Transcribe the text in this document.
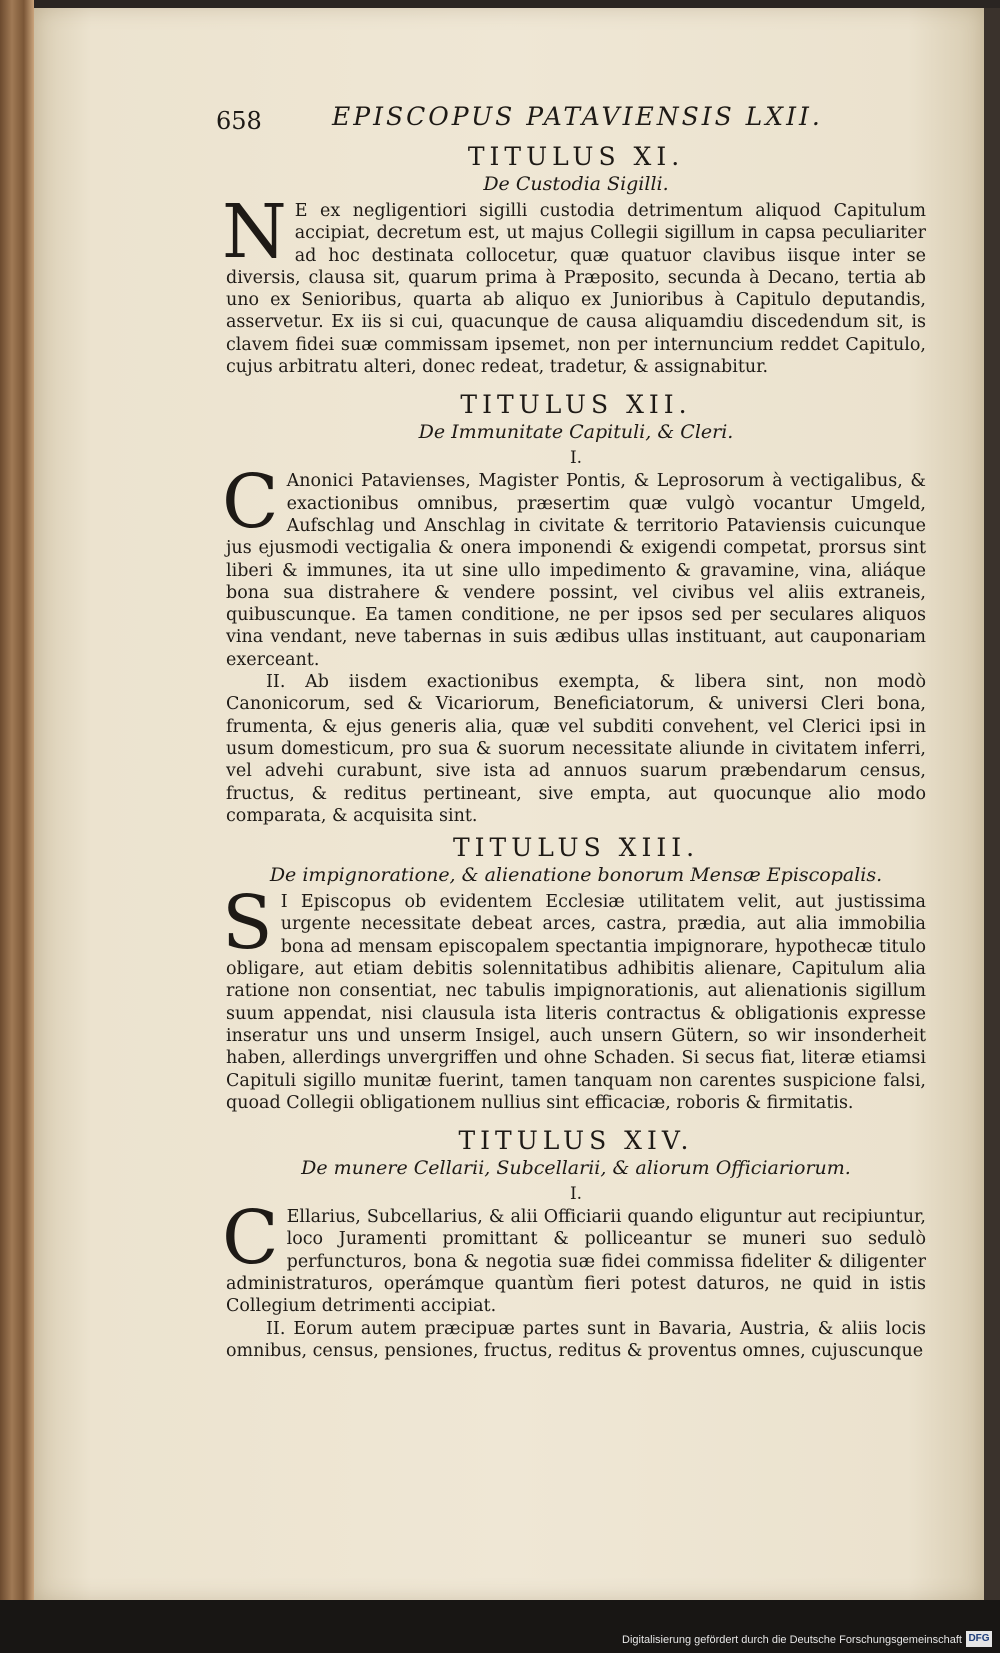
658	EPISCOPUS PATAVIENSIS LXII.
TITULUS XI.
De Custodia Sigilli.

N E ex negligentiori sigilli custodia detrimentum aliquod Capitulum accipiat, decretum est, ut majus Collegii sigillum in capsa peculiariter ad hoc destinata collocetur, quæ quatuor clavibus iisque inter se diversis, clausa sit, quarum prima à Præposito, secunda à Decano, tertia ab uno ex Senioribus, quarta ab aliquo ex Junioribus à Capitulo deputandis, asservetur. Ex iis si cui, quacunque de causa aliquamdiu discedendum sit, is clavem fidei suæ commissam ipsemet, non per internuncium reddet Capitulo, cujus arbitratu alteri, donec redeat, tradetur, & assignabitur.

TITULUS XII.
De Immunitate Capituli, & Cleri.
I.

C Anonici Patavienses, Magister Pontis, & Leprosorum à vectigalibus, & exactionibus omnibus, præsertim quæ vulgò vocantur Umgeld, Aufschlag und Anschlag in civitate & territorio Pataviensis cuicunque jus ejusmodi vectigalia & onera imponendi & exigendi competat, prorsus sint liberi & immunes, ita ut sine ullo impedimento & gravamine, vina, aliáque bona sua distrahere & vendere possint, vel civibus vel aliis extraneis, quibuscunque. Ea tamen conditione, ne per ipsos sed per seculares aliquos vina vendant, neve tabernas in suis ædibus ullas instituant, aut cauponariam exerceant.

II. Ab iisdem exactionibus exempta, & libera sint, non modò Canonicorum, sed & Vicariorum, Beneficiatorum, & universi Cleri bona, frumenta, & ejus generis alia, quæ vel subditi convehent, vel Clerici ipsi in usum domesticum, pro sua & suorum necessitate aliunde in civitatem inferri, vel advehi curabunt, sive ista ad annuos suarum præbendarum census, fructus, & reditus pertineant, sive empta, aut quocunque alio modo comparata, & acquisita sint.

TITULUS XIII.
De impignoratione, & alienatione bonorum Mensæ Episcopalis.

S I Episcopus ob evidentem Ecclesiæ utilitatem velit, aut justissima urgente necessitate debeat arces, castra, prædia, aut alia immobilia bona ad mensam episcopalem spectantia impignorare, hypothecæ titulo obligare, aut etiam debitis solennitatibus adhibitis alienare, Capitulum alia ratione non consentiat, nec tabulis impignorationis, aut alienationis sigillum suum appendat, nisi clausula ista literis contractus & obligationis expresse inseratur uns und unserm Insigel, auch unsern Gütern, so wir insonderheit haben, allerdings unvergriffen und ohne Schaden. Si secus fiat, literæ etiamsi Capituli sigillo munitæ fuerint, tamen tanquam non carentes suspicione falsi, quoad Collegii obligationem nullius sint efficaciæ, roboris & firmitatis.

TITULUS XIV.
De munere Cellarii, Subcellarii, & aliorum Officiariorum.
I.

C Ellarius, Subcellarius, & alii Officiarii quando eliguntur aut recipiuntur, loco Juramenti promittant & polliceantur se muneri suo sedulò perfuncturos, bona & negotia suæ fidei commissa fideliter & diligenter administraturos, operámque quantùm fieri potest daturos, ne quid in istis Collegium detrimenti accipiat.

II. Eorum autem præcipuæ partes sunt in Bavaria, Austria, & aliis locis omnibus, census, pensiones, fructus, reditus & proventus omnes, cujuscunque

Digitalisierung gefördert durch die Deutsche Forschungsgemeinschaft DFG
